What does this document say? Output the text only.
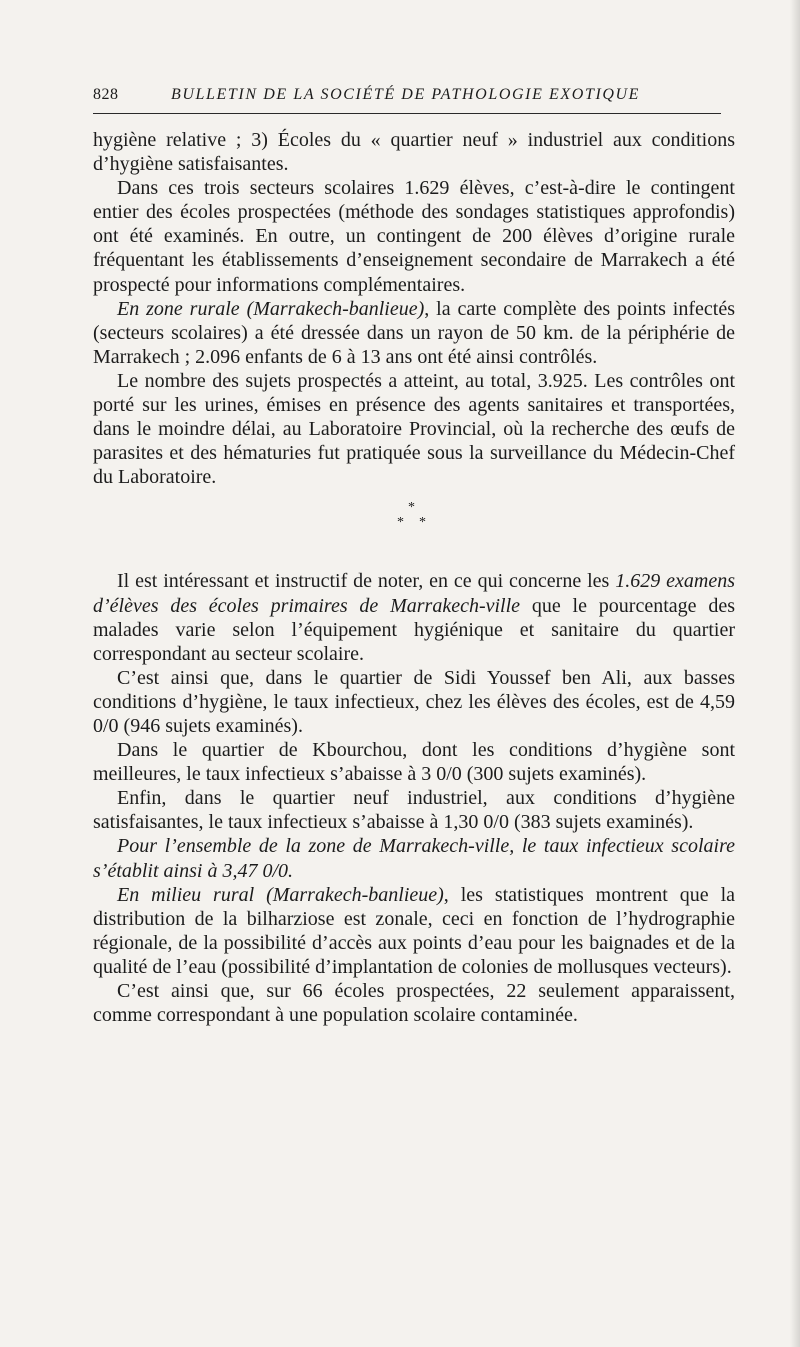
828	BULLETIN DE LA SOCIÉTÉ DE PATHOLOGIE EXOTIQUE

hygiène relative ; 3) Écoles du « quartier neuf » industriel aux conditions d’hygiène satisfaisantes.

Dans ces trois secteurs scolaires 1.629 élèves, c’est-à-dire le contingent entier des écoles prospectées (méthode des sondages statistiques approfondis) ont été examinés. En outre, un contingent de 200 élèves d’origine rurale fréquentant les établissements d’enseignement secondaire de Marrakech a été prospecté pour informations complémentaires.

En zone rurale (Marrakech-banlieue), la carte complète des points infectés (secteurs scolaires) a été dressée dans un rayon de 50 km. de la périphérie de Marrakech ; 2.096 enfants de 6 à 13 ans ont été ainsi contrôlés.

Le nombre des sujets prospectés a atteint, au total, 3.925. Les contrôles ont porté sur les urines, émises en présence des agents sanitaires et transportées, dans le moindre délai, au Laboratoire Provincial, où la recherche des œufs de parasites et des hématuries fut pratiquée sous la surveillance du Médecin-Chef du Laboratoire.

*
* *

Il est intéressant et instructif de noter, en ce qui concerne les 1.629 examens d’élèves des écoles primaires de Marrakech-ville que le pourcentage des malades varie selon l’équipement hygiénique et sanitaire du quartier correspondant au secteur scolaire.

C’est ainsi que, dans le quartier de Sidi Youssef ben Ali, aux basses conditions d’hygiène, le taux infectieux, chez les élèves des écoles, est de 4,59 0/0 (946 sujets examinés).

Dans le quartier de Kbourchou, dont les conditions d’hygiène sont meilleures, le taux infectieux s’abaisse à 3 0/0 (300 sujets examinés).

Enfin, dans le quartier neuf industriel, aux conditions d’hygiène satisfaisantes, le taux infectieux s’abaisse à 1,30 0/0 (383 sujets examinés).

Pour l’ensemble de la zone de Marrakech-ville, le taux infectieux scolaire s’établit ainsi à 3,47 0/0.

En milieu rural (Marrakech-banlieue), les statistiques montrent que la distribution de la bilharziose est zonale, ceci en fonction de l’hydrographie régionale, de la possibilité d’accès aux points d’eau pour les baignades et de la qualité de l’eau (possibilité d’implantation de colonies de mollusques vecteurs).

C’est ainsi que, sur 66 écoles prospectées, 22 seulement apparaissent, comme correspondant à une population scolaire contaminée.
